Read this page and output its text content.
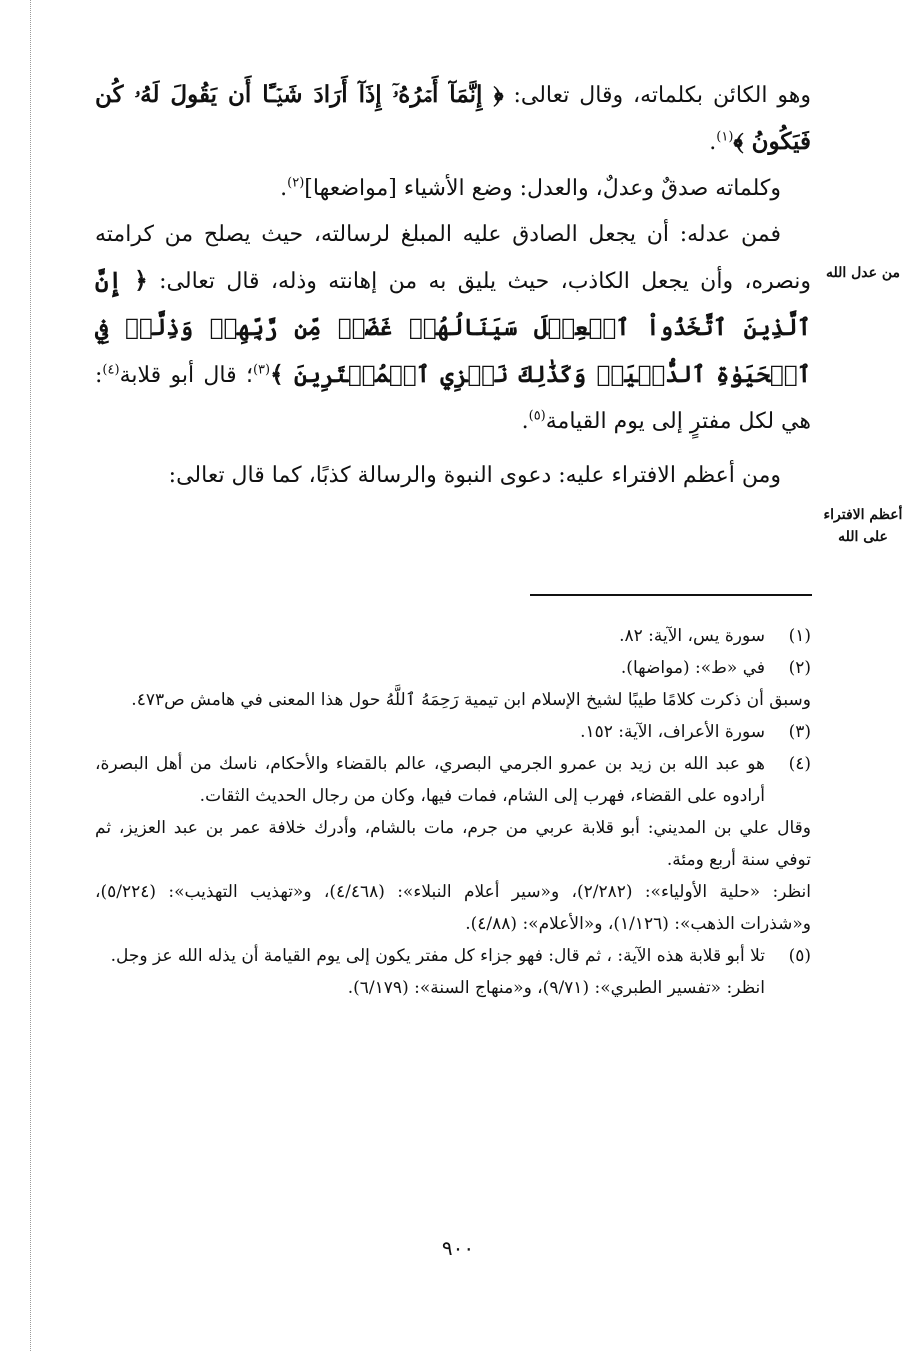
من عدل الله
أعظم الافتراء على الله

وهو الكائن بكلماته، وقال تعالى: ﴿ إِنَّمَآ أَمۡرُهُۥٓ إِذَآ أَرَادَ شَيۡـًٔا أَن يَقُولَ لَهُۥ كُن فَيَكُونُ ﴾$^{(١)}$.

وكلماته صدقٌ وعدلٌ، والعدل: وضع الأشياء [مواضعها]$^{(٢)}$.

فمن عدله: أن يجعل الصادق عليه المبلغ لرسالته، حيث يصلح من كرامته ونصره، وأن يجعل الكاذب، حيث يليق به من إهانته وذله، قال تعالى: ﴿ إِنَّ ٱلَّذِينَ ٱتَّخَذُواْ ٱلۡعِجۡلَ سَيَنَالُهُمۡ غَضَبٞ مِّن رَّبِّهِمۡ وَذِلَّةٞ فِي ٱلۡحَيَوٰةِ ٱلدُّنۡيَاۚ وَكَذَٰلِكَ نَجۡزِي ٱلۡمُفۡتَرِينَ ﴾$^{(٣)}$؛ قال أبو قلابة$^{(٤)}$: هي لكل مفترٍ إلى يوم القيامة$^{(٥)}$.

ومن أعظم الافتراء عليه: دعوى النبوة والرسالة كذبًا، كما قال تعالى:

(١)
سورة يس، الآية: ٨٢.
(٢)
في «ط»: (مواضها).

وسبق أن ذكرت كلامًا طيبًا لشيخ الإسلام ابن تيمية رَحِمَهُ ٱللَّهُ حول هذا المعنى في هامش ص٤٧٣.

(٣)
سورة الأعراف، الآية: ١٥٢.
(٤)
هو عبد الله بن زيد بن عمرو الجرمي البصري، عالم بالقضاء والأحكام، ناسك من أهل البصرة، أرادوه على القضاء، فهرب إلى الشام، فمات فيها، وكان من رجال الحديث الثقات.

وقال علي بن المديني: أبو قلابة عربي من جرم، مات بالشام، وأدرك خلافة عمر بن عبد العزيز، ثم توفي سنة أربع ومئة.

انظر: «حلية الأولياء»: (٢/٢٨٢)، و«سير أعلام النبلاء»: (٤/٤٦٨)، و«تهذيب التهذيب»: (٥/٢٢٤)، و«شذرات الذهب»: (١/١٢٦)، و«الأعلام»: (٤/٨٨).

(٥)
تلا أبو قلابة هذه الآية: ، ثم قال: فهو جزاء كل مفتر يكون إلى يوم القيامة أن يذله الله عز وجل.

انظر: «تفسير الطبري»: (٩/٧١)، و«منهاج السنة»: (٦/١٧٩).

٩٠٠
